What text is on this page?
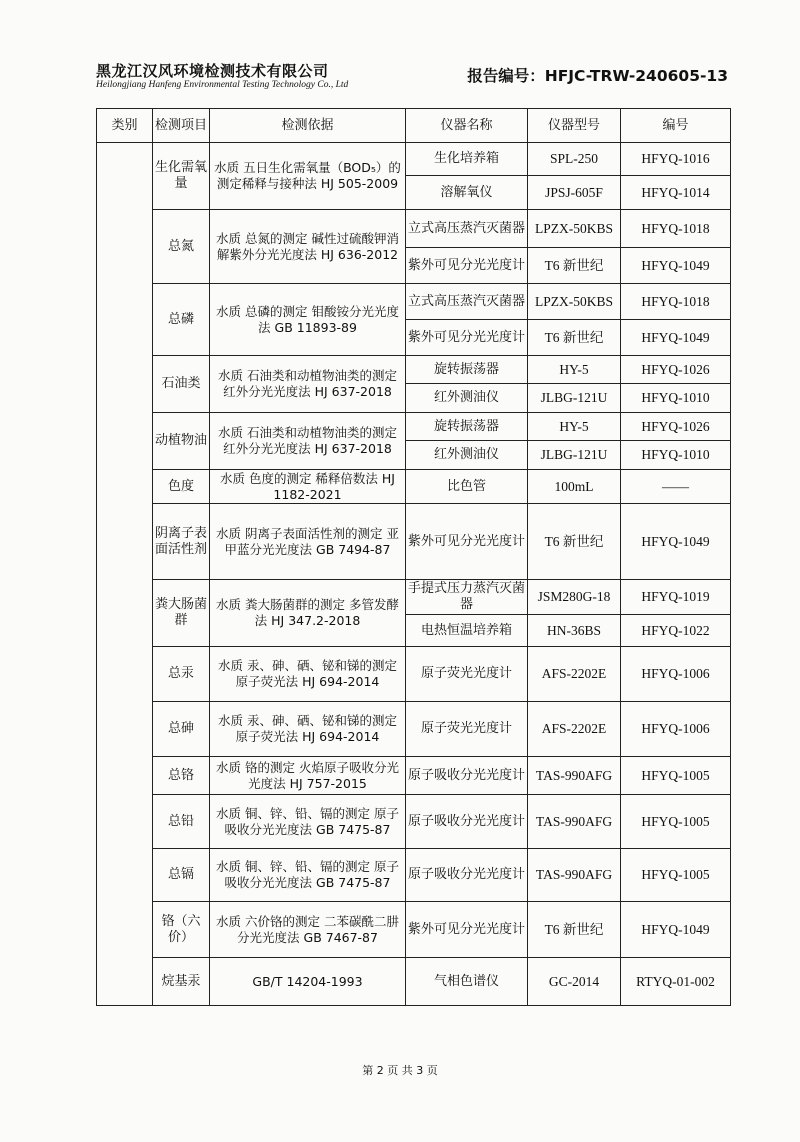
黑龙江汉风环境检测技术有限公司
Heilongjiang Hanfeng Environmental Testing Technology Co., Ltd	报告编号：HFJC-TRW-240605-13
类别	检测项目	检测依据	仪器名称	仪器型号	编号
	生化需氧量	水质 五日生化需氧量（BOD₅）的测定稀释与接种法 HJ 505-2009	生化培养箱	SPL-250	HFYQ-1016
			溶解氧仪	JPSJ-605F	HFYQ-1014
	总氮	水质 总氮的测定 碱性过硫酸钾消解紫外分光光度法 HJ 636-2012	立式高压蒸汽灭菌器	LPZX-50KBS	HFYQ-1018
			紫外可见分光光度计	T6 新世纪	HFYQ-1049
	总磷	水质 总磷的测定 钼酸铵分光光度法 GB 11893-89	立式高压蒸汽灭菌器	LPZX-50KBS	HFYQ-1018
			紫外可见分光光度计	T6 新世纪	HFYQ-1049
	石油类	水质 石油类和动植物油类的测定 红外分光光度法 HJ 637-2018	旋转振荡器	HY-5	HFYQ-1026
			红外测油仪	JLBG-121U	HFYQ-1010
	动植物油	水质 石油类和动植物油类的测定 红外分光光度法 HJ 637-2018	旋转振荡器	HY-5	HFYQ-1026
			红外测油仪	JLBG-121U	HFYQ-1010
	色度	水质 色度的测定 稀释倍数法 HJ 1182-2021	比色管	100mL	——
	阴离子表面活性剂	水质 阴离子表面活性剂的测定 亚甲蓝分光光度法 GB 7494-87	紫外可见分光光度计	T6 新世纪	HFYQ-1049
	粪大肠菌群	水质 粪大肠菌群的测定 多管发酵法 HJ 347.2-2018	手提式压力蒸汽灭菌器	JSM280G-18	HFYQ-1019
			电热恒温培养箱	HN-36BS	HFYQ-1022
	总汞	水质 汞、砷、硒、铋和锑的测定 原子荧光法 HJ 694-2014	原子荧光光度计	AFS-2202E	HFYQ-1006
	总砷	水质 汞、砷、硒、铋和锑的测定 原子荧光法 HJ 694-2014	原子荧光光度计	AFS-2202E	HFYQ-1006
	总铬	水质 铬的测定 火焰原子吸收分光光度法 HJ 757-2015	原子吸收分光光度计	TAS-990AFG	HFYQ-1005
	总铅	水质 铜、锌、铅、镉的测定 原子吸收分光光度法 GB 7475-87	原子吸收分光光度计	TAS-990AFG	HFYQ-1005
	总镉	水质 铜、锌、铅、镉的测定 原子吸收分光光度法 GB 7475-87	原子吸收分光光度计	TAS-990AFG	HFYQ-1005
	铬（六价）	水质 六价铬的测定 二苯碳酰二肼分光光度法 GB 7467-87	紫外可见分光光度计	T6 新世纪	HFYQ-1049
	烷基汞	GB/T 14204-1993	气相色谱仪	GC-2014	RTYQ-01-002
第 2 页 共 3 页
